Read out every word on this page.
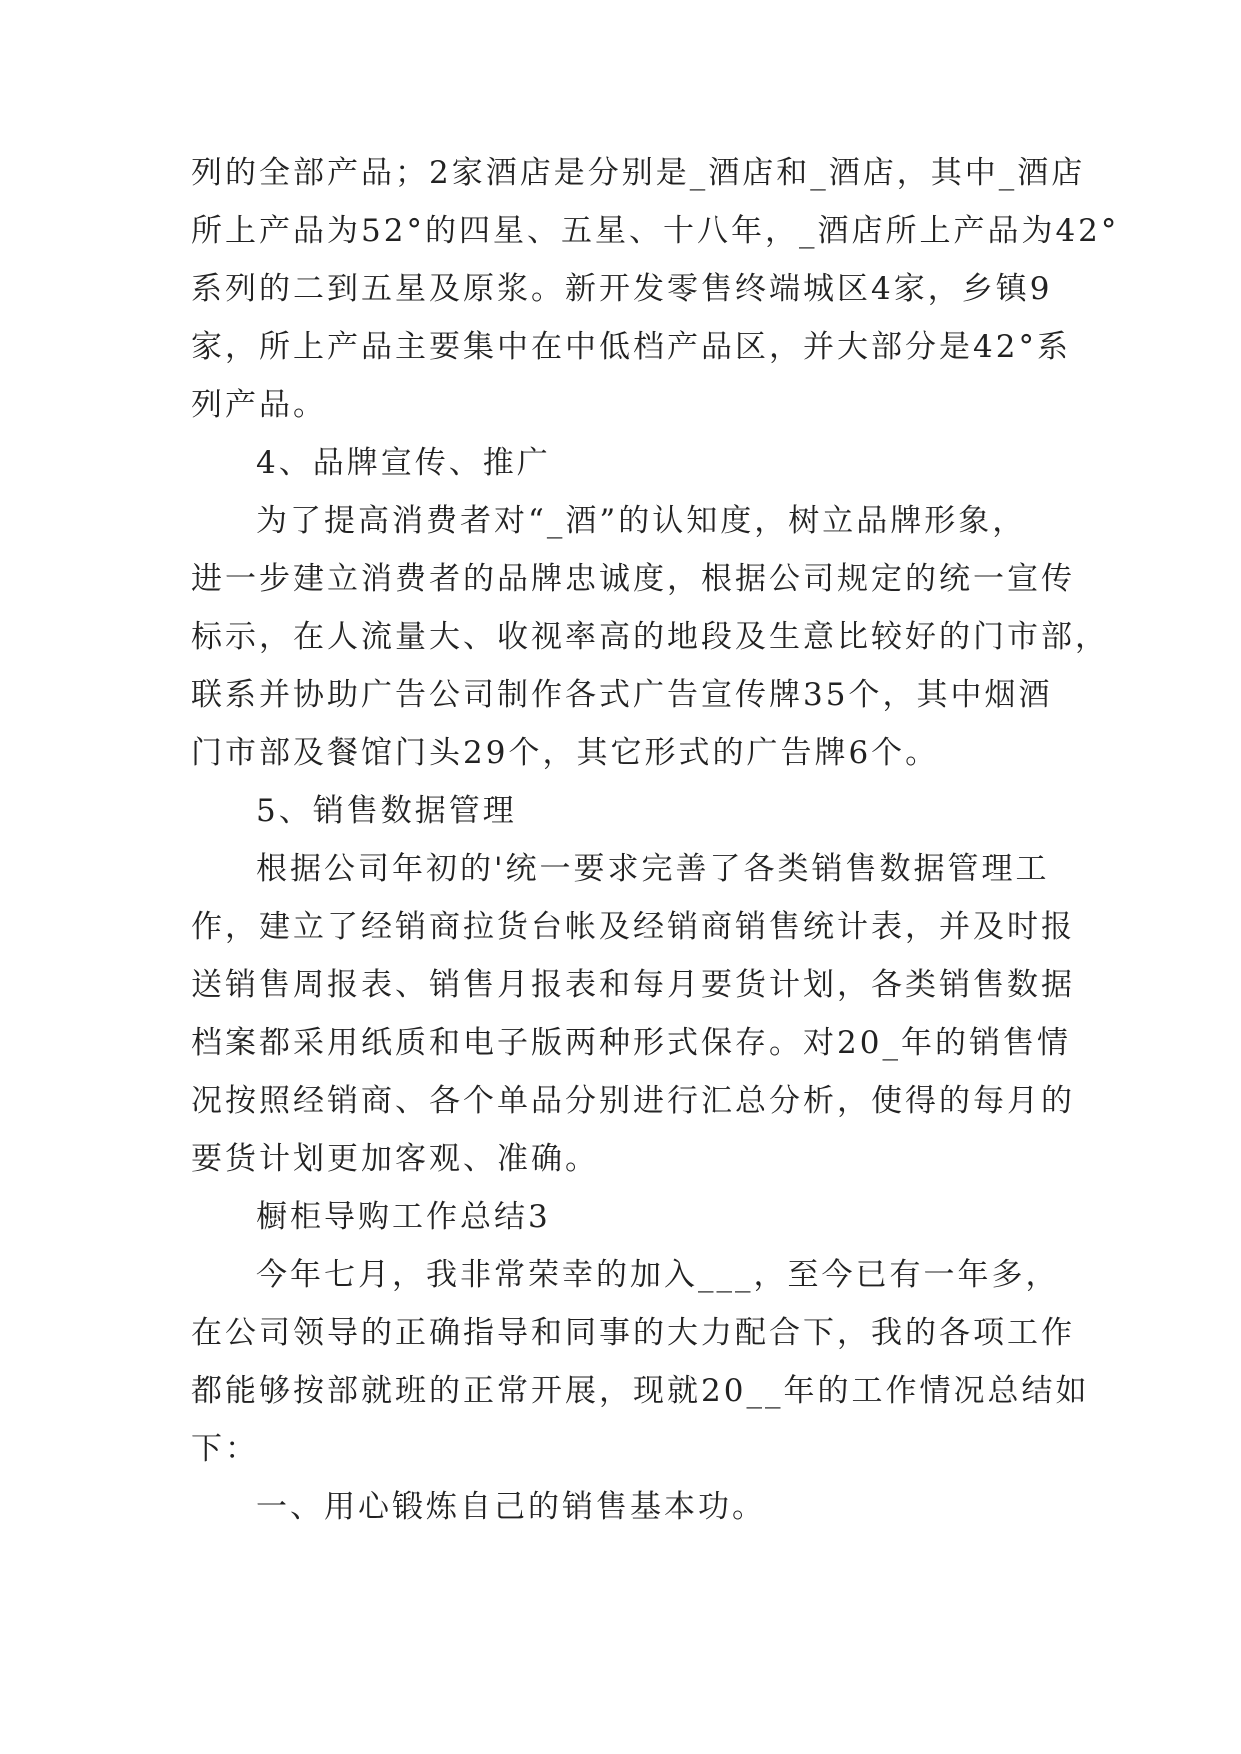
列的全部产品；2家酒店是分别是_酒店和_酒店，其中_酒店
所上产品为52°的四星、五星、十八年，_酒店所上产品为42°
系列的二到五星及原浆。新开发零售终端城区4家，乡镇9
家，所上产品主要集中在中低档产品区，并大部分是42°系
列产品。
4、品牌宣传、推广
为了提高消费者对“_酒”的认知度，树立品牌形象，
进一步建立消费者的品牌忠诚度，根据公司规定的统一宣传
标示，在人流量大、收视率高的地段及生意比较好的门市部，
联系并协助广告公司制作各式广告宣传牌35个，其中烟酒
门市部及餐馆门头29个，其它形式的广告牌6个。
5、销售数据管理
根据公司年初的'统一要求完善了各类销售数据管理工
作，建立了经销商拉货台帐及经销商销售统计表，并及时报
送销售周报表、销售月报表和每月要货计划，各类销售数据
档案都采用纸质和电子版两种形式保存。对20_年的销售情
况按照经销商、各个单品分别进行汇总分析，使得的每月的
要货计划更加客观、准确。
橱柜导购工作总结3
今年七月，我非常荣幸的加入___，至今已有一年多，
在公司领导的正确指导和同事的大力配合下，我的各项工作
都能够按部就班的正常开展，现就20__年的工作情况总结如
下：
一、用心锻炼自己的销售基本功。
